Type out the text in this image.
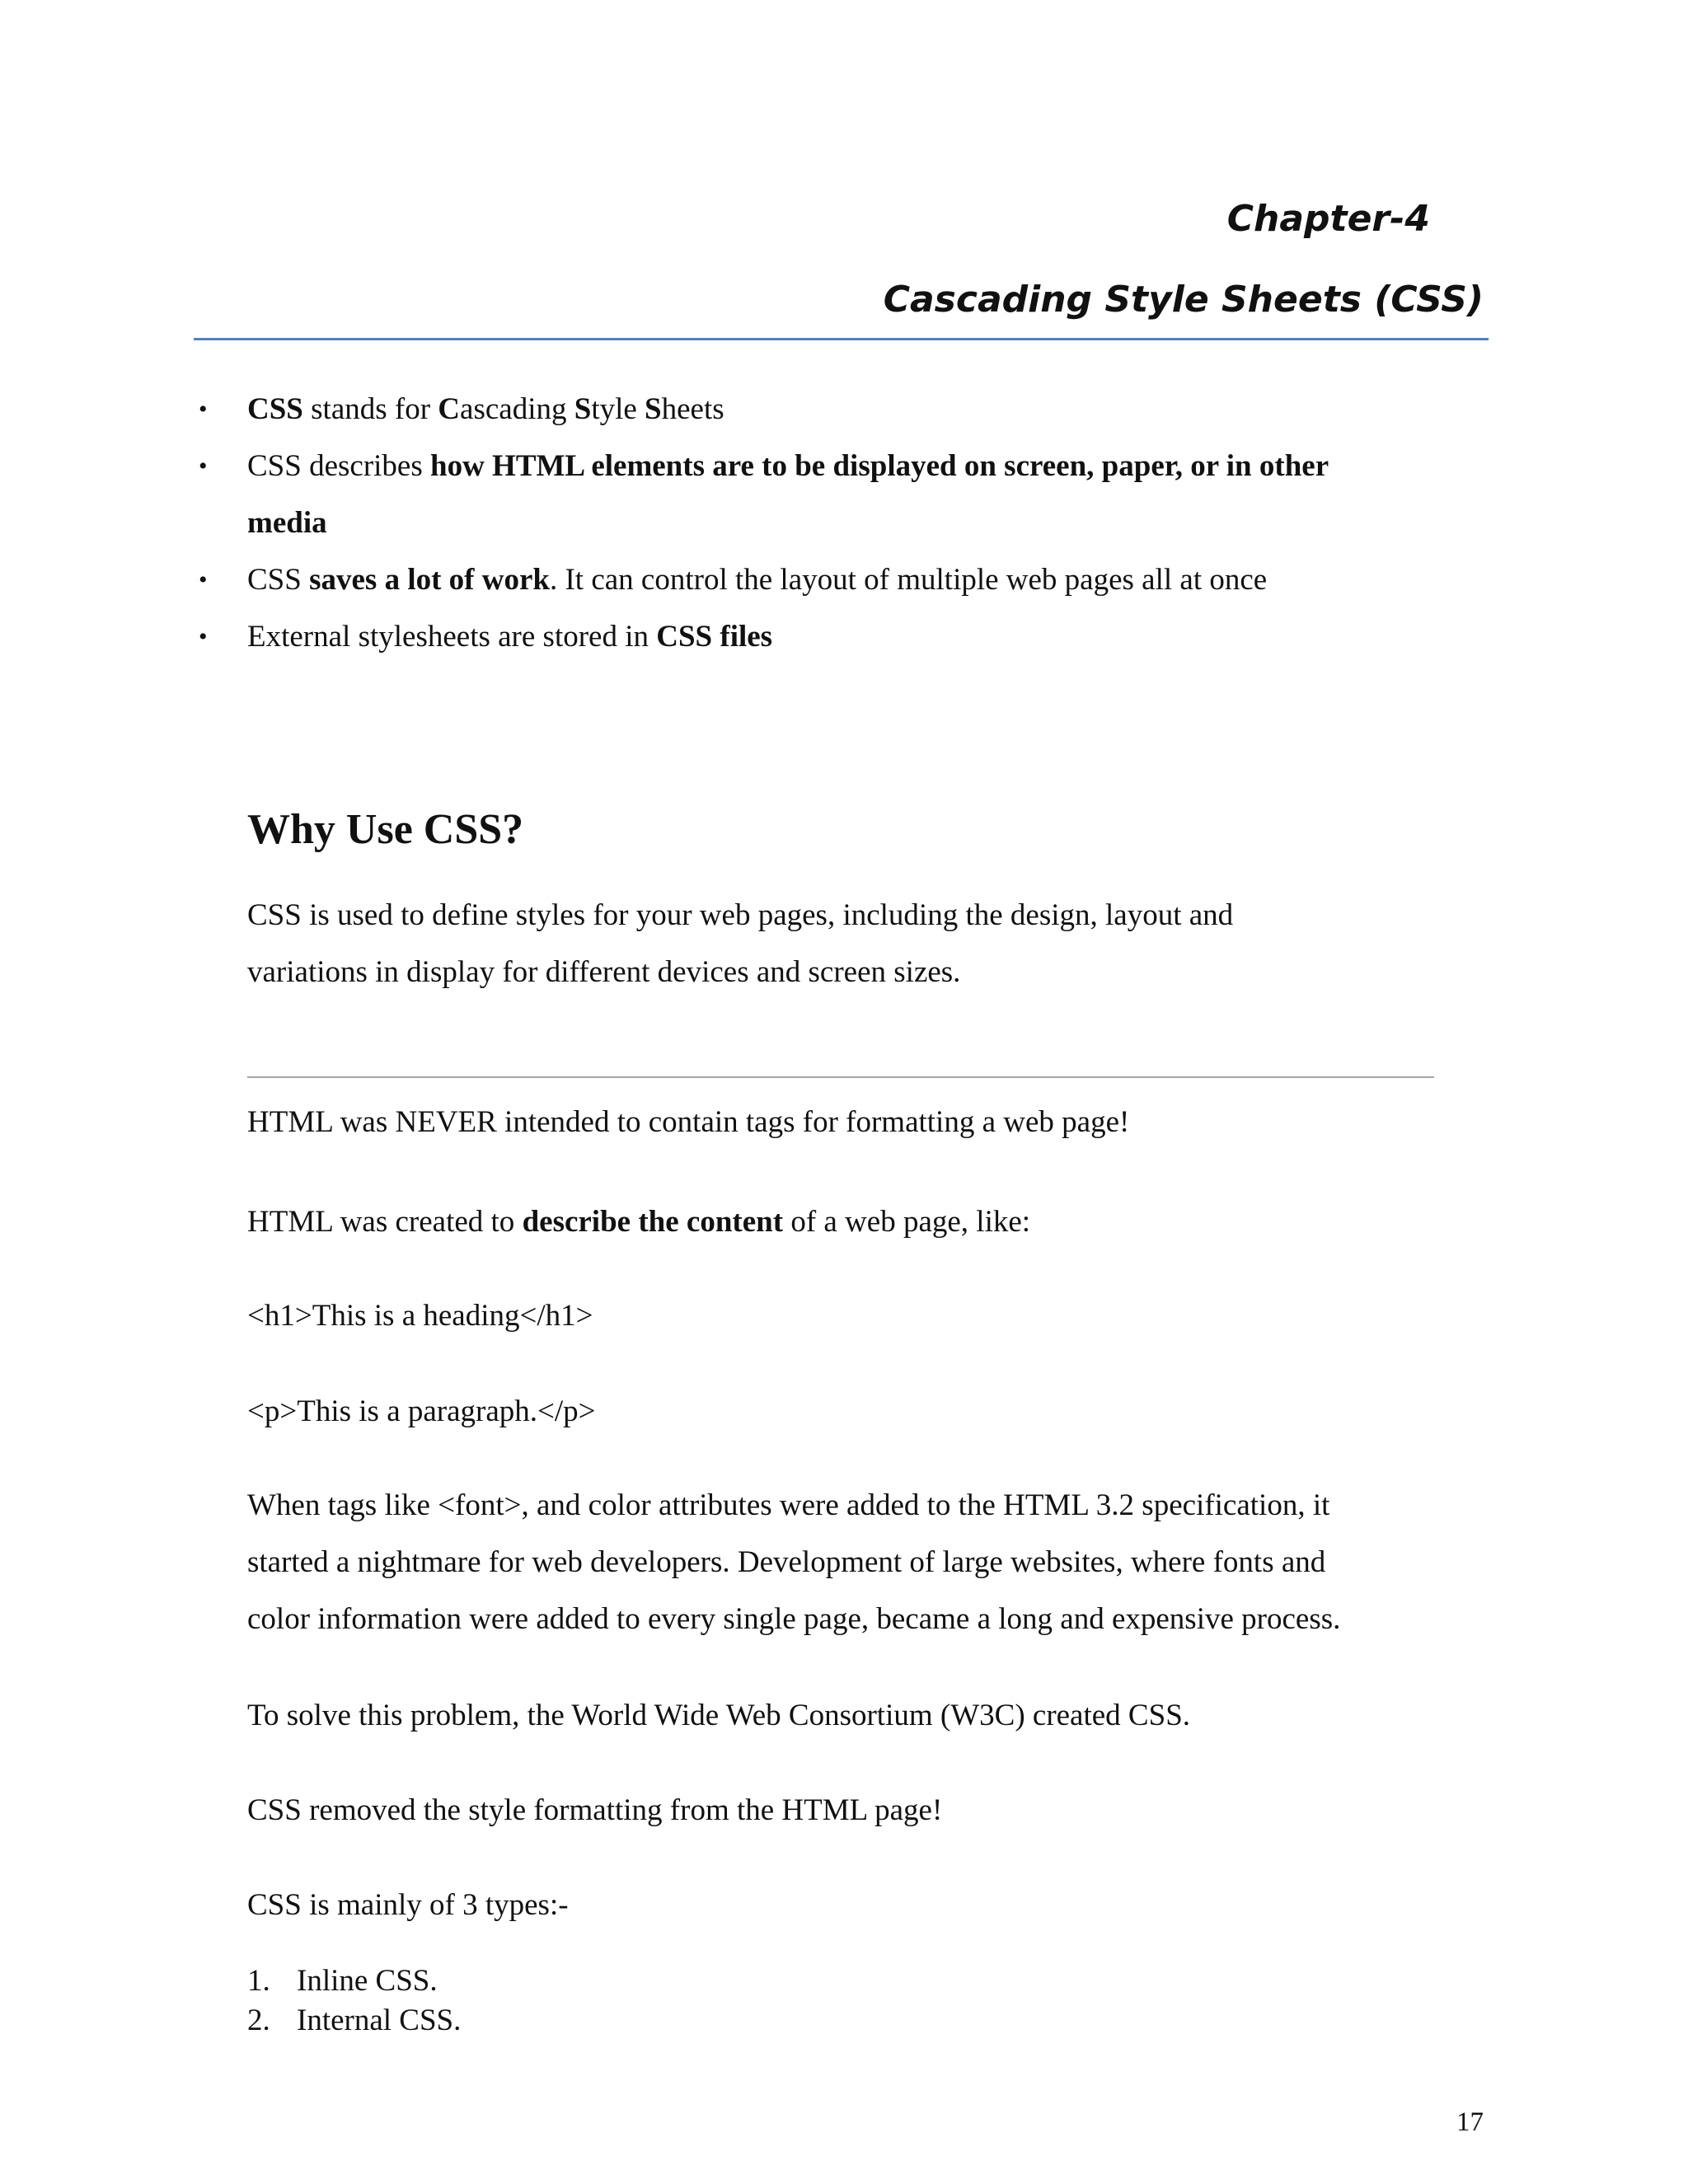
Chapter-4
Cascading Style Sheets (CSS)
• CSS stands for Cascading Style Sheets
• CSS describes how HTML elements are to be displayed on screen, paper, or in other
media
• CSS saves a lot of work. It can control the layout of multiple web pages all at once
• External stylesheets are stored in CSS files
Why Use CSS?

CSS is used to define styles for your web pages, including the design, layout and
variations in display for different devices and screen sizes.

HTML was NEVER intended to contain tags for formatting a web page!

HTML was created to describe the content of a web page, like:

<h1>This is a heading</h1>

<p>This is a paragraph.</p>

When tags like <font>, and color attributes were added to the HTML 3.2 specification, it
started a nightmare for web developers. Development of large websites, where fonts and
color information were added to every single page, became a long and expensive process.

To solve this problem, the World Wide Web Consortium (W3C) created CSS.

CSS removed the style formatting from the HTML page!

CSS is mainly of 3 types:-

1. Inline CSS.
2. Internal CSS.

17
